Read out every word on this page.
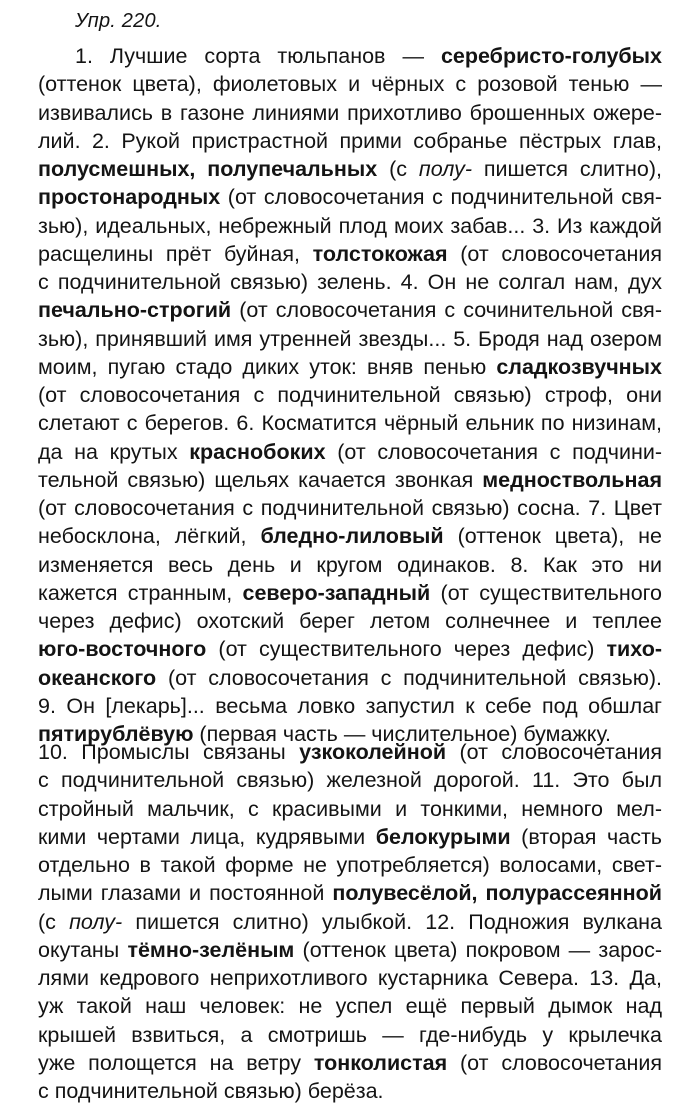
Упр. 220.
1. Лучшие сорта тюльпанов — серебристо-голубых
(оттенок цвета), фиолетовых и чёрных с розовой тенью —
извивались в газоне линиями прихотливо брошенных ожере-
лий. 2. Рукой пристрастной прими собранье пёстрых глав,
полусмешных, полупечальных (с полу- пишется слитно),
простонародных (от словосочетания с подчинительной свя-
зью), идеальных, небрежный плод моих забав... 3. Из каждой
расщелины прёт буйная, толстокожая (от словосочетания
с подчинительной связью) зелень. 4. Он не солгал нам, дух
печально-строгий (от словосочетания с сочинительной свя-
зью), принявший имя утренней звезды... 5. Бродя над озером
моим, пугаю стадо диких уток: вняв пенью сладкозвучных
(от словосочетания с подчинительной связью) строф, они
слетают с берегов. 6. Косматится чёрный ельник по низинам,
да на крутых краснобоких (от словосочетания с подчини-
тельной связью) щельях качается звонкая медноствольная
(от словосочетания с подчинительной связью) сосна. 7. Цвет
небосклона, лёгкий, бледно-лиловый (оттенок цвета), не
изменяется весь день и кругом одинаков. 8. Как это ни
кажется странным, северо-западный (от существительного
через дефис) охотский берег летом солнечнее и теплее
юго-восточного (от существительного через дефис) тихо-
океанского (от словосочетания с подчинительной связью).
9. Он [лекарь]... весьма ловко запустил к себе под обшлаг
пятирублёвую (первая часть — числительное) бумажку.
10. Промыслы связаны узкоколейной (от словосочетания
с подчинительной связью) железной дорогой. 11. Это был
стройный мальчик, с красивыми и тонкими, немного мел-
кими чертами лица, кудрявыми белокурыми (вторая часть
отдельно в такой форме не употребляется) волосами, свет-
лыми глазами и постоянной полувесёлой, полурассеянной
(с полу- пишется слитно) улыбкой. 12. Подножия вулкана
окутаны тёмно-зелёным (оттенок цвета) покровом — зарос-
лями кедрового неприхотливого кустарника Севера. 13. Да,
уж такой наш человек: не успел ещё первый дымок над
крышей взвиться, а смотришь — где-нибудь у крылечка
уже полощется на ветру тонколистая (от словосочетания
с подчинительной связью) берёза.
